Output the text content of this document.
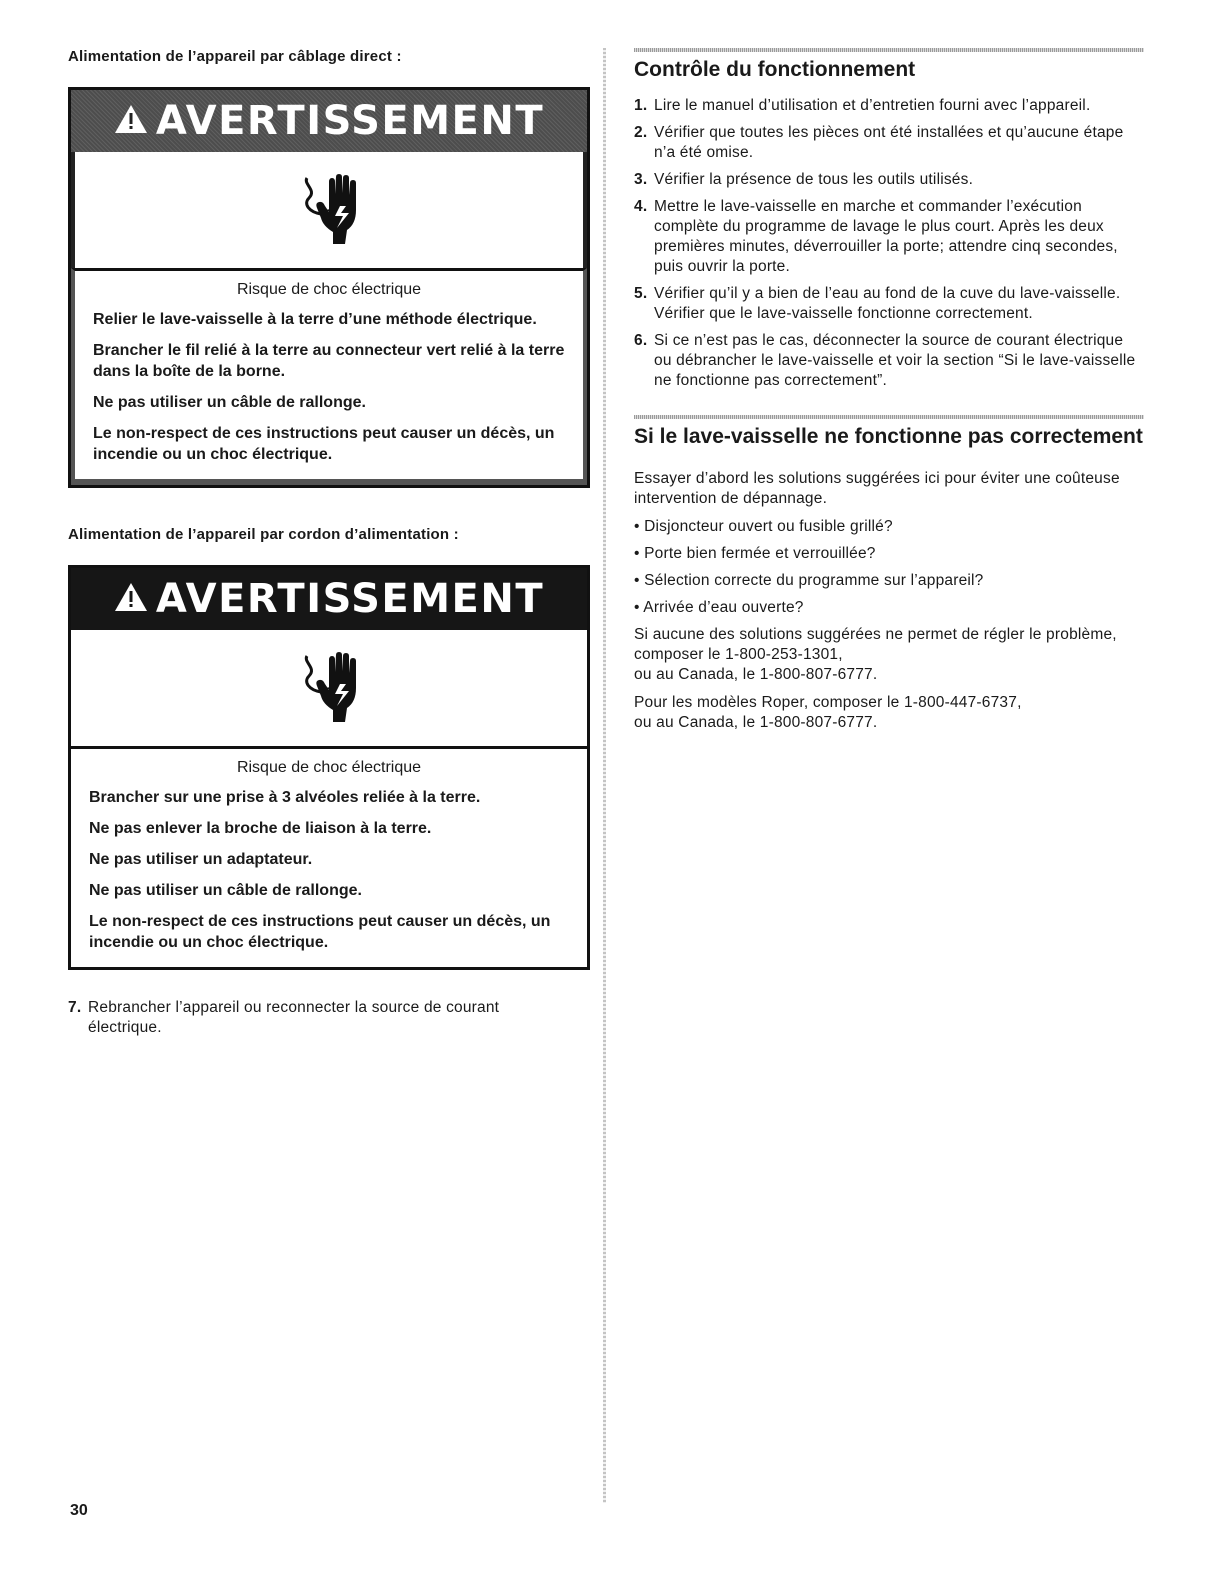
Alimentation de l’appareil par câblage direct :

AVERTISSEMENT

Risque de choc électrique

Relier le lave-vaisselle à la terre d’une méthode électrique.

Brancher le fil relié à la terre au connecteur vert relié à la terre dans la boîte de la borne.

Ne pas utiliser un câble de rallonge.

Le non-respect de ces instructions peut causer un décès, un incendie ou un choc électrique.

Alimentation de l’appareil par cordon d’alimentation :

AVERTISSEMENT

Risque de choc électrique

Brancher sur une prise à 3 alvéoles reliée à la terre.

Ne pas enlever la broche de liaison à la terre.

Ne pas utiliser un adaptateur.

Ne pas utiliser un câble de rallonge.

Le non-respect de ces instructions peut causer un décès, un incendie ou un choc électrique.

7. Rebrancher l’appareil ou reconnecter la source de courant électrique.
Contrôle du fonctionnement
1. Lire le manuel d’utilisation et d’entretien fourni avec l’appareil.
2. Vérifier que toutes les pièces ont été installées et qu’aucune étape n’a été omise.
3. Vérifier la présence de tous les outils utilisés.
4. Mettre le lave-vaisselle en marche et commander l’exécution complète du programme de lavage le plus court. Après les deux premières minutes, déverrouiller la porte; attendre cinq secondes, puis ouvrir la porte.
5. Vérifier qu’il y a bien de l’eau au fond de la cuve du lave-vaisselle. Vérifier que le lave-vaisselle fonctionne correctement.
6. Si ce n’est pas le cas, déconnecter la source de courant électrique ou débrancher le lave-vaisselle et voir la section “Si le lave-vaisselle ne fonctionne pas correctement”.
Si le lave-vaisselle ne fonctionne pas correctement

Essayer d’abord les solutions suggérées ici pour éviter une coûteuse intervention de dépannage.

• Disjoncteur ouvert ou fusible grillé?

• Porte bien fermée et verrouillée?

• Sélection correcte du programme sur l’appareil?

• Arrivée d’eau ouverte?

Si aucune des solutions suggérées ne permet de régler le problème, composer le 1-800-253-1301,
ou au Canada, le 1-800-807-6777.

Pour les modèles Roper, composer le 1-800-447-6737,
ou au Canada, le 1-800-807-6777.

30
